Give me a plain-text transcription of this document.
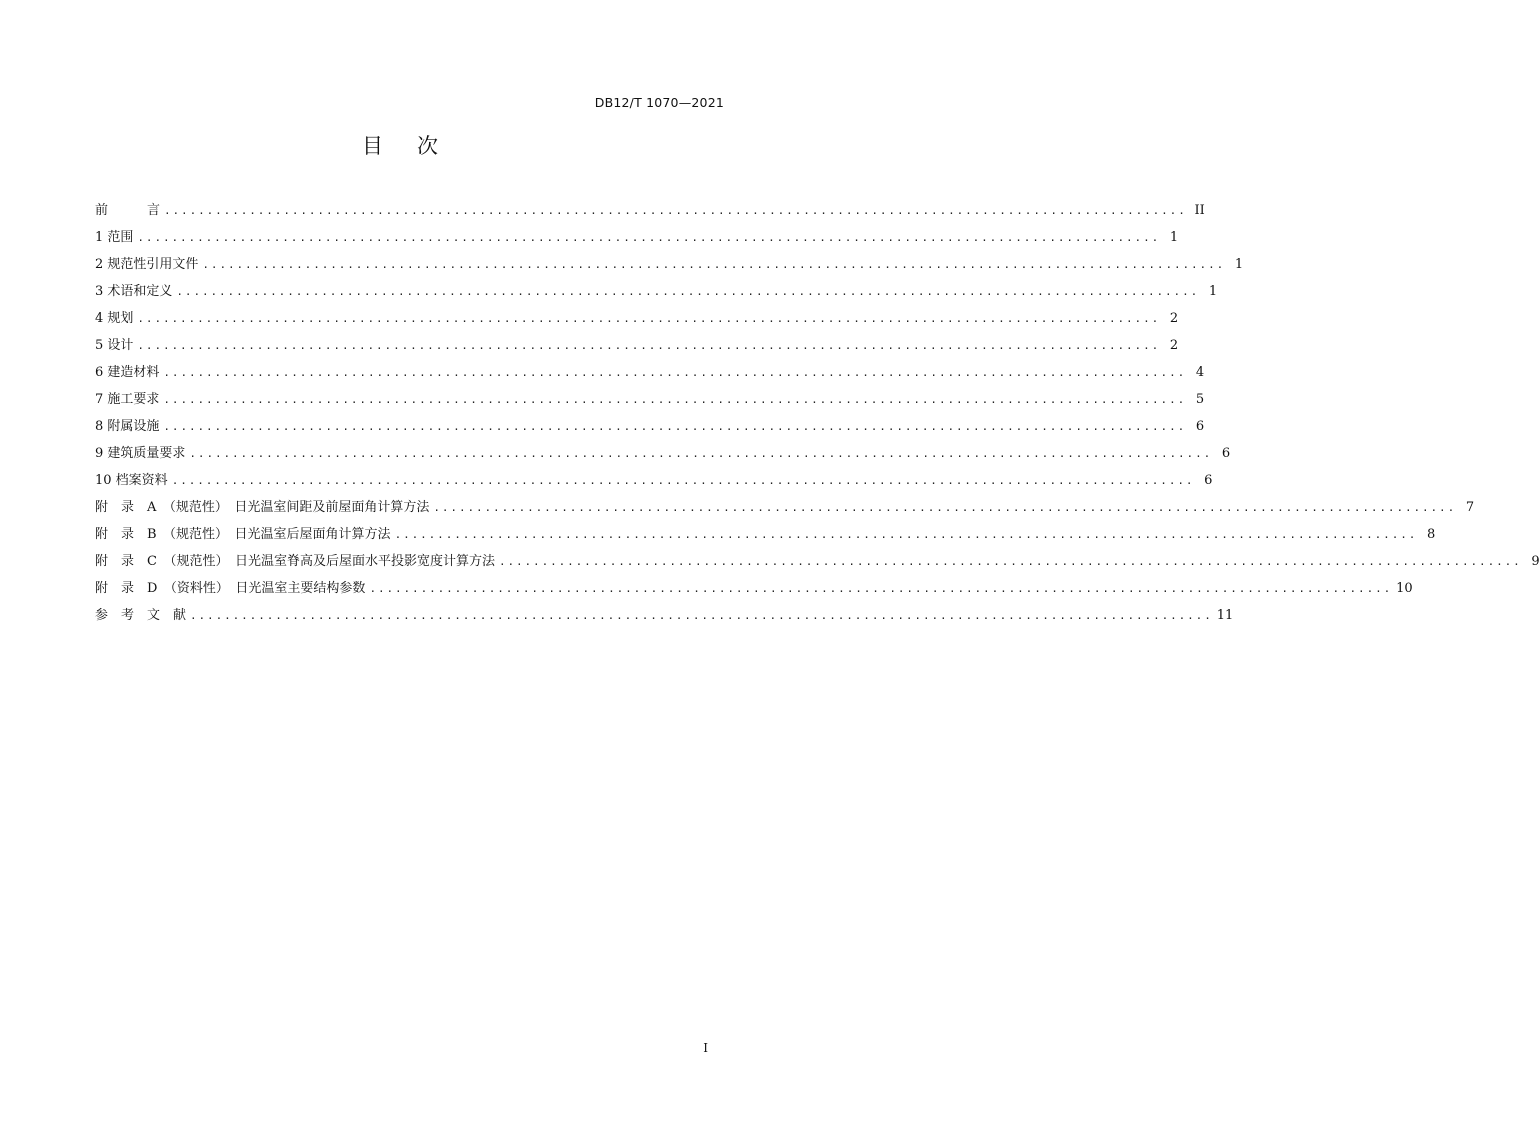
DB12/T 1070—2021
目次
前　　　言 ........................................................................................................................ II
1 范围 ........................................................................................................................ 1
2 规范性引用文件 ........................................................................................................................ 1
3 术语和定义 ........................................................................................................................ 1
4 规划 ........................................................................................................................ 2
5 设计 ........................................................................................................................ 2
6 建造材料 ........................................................................................................................ 4
7 施工要求 ........................................................................................................................ 5
8 附属设施 ........................................................................................................................ 6
9 建筑质量要求 ........................................................................................................................ 6
10 档案资料 ........................................................................................................................ 6
附　录　A　（规范性）　日光温室间距及前屋面角计算方法 ........................................................................................................................ 7
附　录　B　（规范性）　日光温室后屋面角计算方法 ........................................................................................................................ 8
附　录　C　（规范性）　日光温室脊高及后屋面水平投影宽度计算方法 ........................................................................................................................ 9
附　录　D　（资料性）　日光温室主要结构参数 ........................................................................................................................ 10
参　考　文　献 ........................................................................................................................ 11
I
